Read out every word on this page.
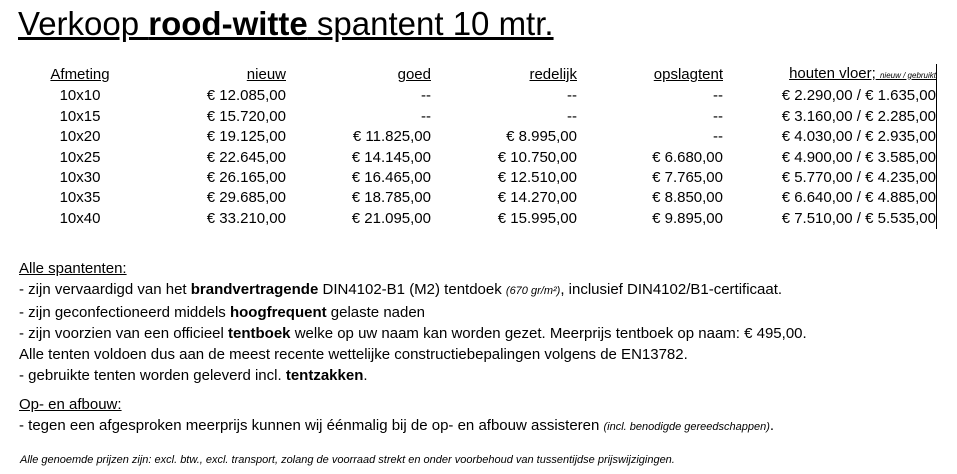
Verkoop rood-witte spantent 10 mtr.
Afmeting	nieuw	goed	redelijk	opslagtent	houten vloer; nieuw / gebruikt
10x10	€ 12.085,00	--	--	--	€ 2.290,00 / € 1.635,00
10x15	€ 15.720,00	--	--	--	€ 3.160,00 / € 2.285,00
10x20	€ 19.125,00	€ 11.825,00	€ 8.995,00	--	€ 4.030,00 / € 2.935,00
10x25	€ 22.645,00	€ 14.145,00	€ 10.750,00	€ 6.680,00	€ 4.900,00 / € 3.585,00
10x30	€ 26.165,00	€ 16.465,00	€ 12.510,00	€ 7.765,00	€ 5.770,00 / € 4.235,00
10x35	€ 29.685,00	€ 18.785,00	€ 14.270,00	€ 8.850,00	€ 6.640,00 / € 4.885,00
10x40	€ 33.210,00	€ 21.095,00	€ 15.995,00	€ 9.895,00	€ 7.510,00 / € 5.535,00

Alle spantenten:

- zijn vervaardigd van het brandvertragende DIN4102-B1 (M2) tentdoek (670 gr/m²), inclusief DIN4102/B1-certificaat.

- zijn geconfectioneerd middels hoogfrequent gelaste naden

- zijn voorzien van een officieel tentboek welke op uw naam kan worden gezet. Meerprijs tentboek op naam: € 495,00.

Alle tenten voldoen dus aan de meest recente wettelijke constructiebepalingen volgens de EN13782.

- gebruikte tenten worden geleverd incl. tentzakken.

Op- en afbouw:

- tegen een afgesproken meerprijs kunnen wij éénmalig bij de op- en afbouw assisteren (incl. benodigde gereedschappen).

Alle genoemde prijzen zijn: excl. btw., excl. transport, zolang de voorraad strekt en onder voorbehoud van tussentijdse prijswijzigingen.
